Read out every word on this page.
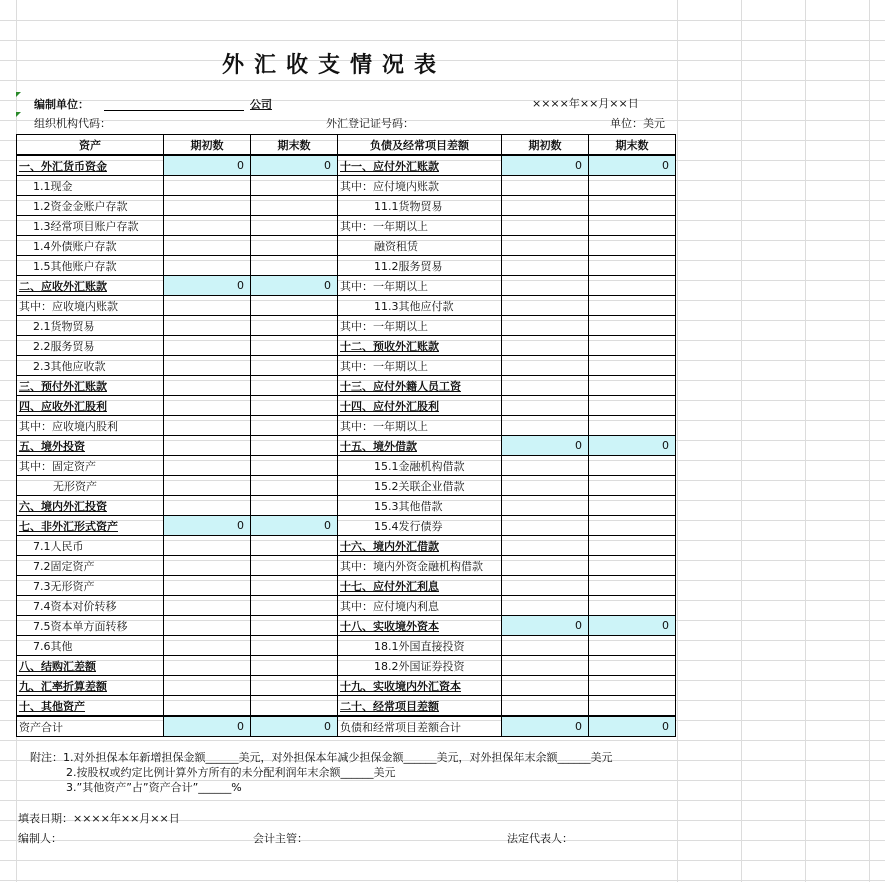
外汇收支情况表
编制单位：	公司	××××年××月××日
组织机构代码：	外汇登记证号码：	单位：美元
资产	期初数	期末数	负债及经常项目差额	期初数	期末数
一、外汇货币资金	0	0	十一、应付外汇账款	0	0
1.1现金			其中：应付境内账款		
1.2资金金账户存款			11.1货物贸易		
1.3经常项目账户存款			其中：一年期以上		
1.4外债账户存款			融资租赁		
1.5其他账户存款			11.2服务贸易		
二、应收外汇账款	0	0	其中：一年期以上		
其中：应收境内账款			11.3其他应付款		
2.1货物贸易			其中：一年期以上		
2.2服务贸易			十二、预收外汇账款		
2.3其他应收款			其中：一年期以上		
三、预付外汇账款			十三、应付外籍人员工资		
四、应收外汇股利			十四、应付外汇股利		
其中：应收境内股利			其中：一年期以上		
五、境外投资			十五、境外借款	0	0
其中：固定资产			15.1金融机构借款		
无形资产			15.2关联企业借款		
六、境内外汇投资			15.3其他借款		
七、非外汇形式资产	0	0	15.4发行债券		
7.1人民币			十六、境内外汇借款		
7.2固定资产			其中：境内外资金融机构借款		
7.3无形资产			十七、应付外汇利息		
7.4资本对价转移			其中：应付境内利息		
7.5资本单方面转移			十八、实收境外资本	0	0
7.6其他			18.1外国直接投资		
八、结购汇差额			18.2外国证券投资		
九、汇率折算差额			十九、实收境内外汇资本		
十、其他资产			二十、经常项目差额		
资产合计	0	0	负债和经常项目差额合计	0	0
附注：1.对外担保本年新增担保金额______美元，对外担保本年减少担保金额______美元，对外担保年末余额______美元
2.按股权或约定比例计算外方所有的未分配利润年末余额______美元
3.”其他资产”占”资产合计”______%
填表日期：××××年××月××日
编制人：	会计主管：	法定代表人：
